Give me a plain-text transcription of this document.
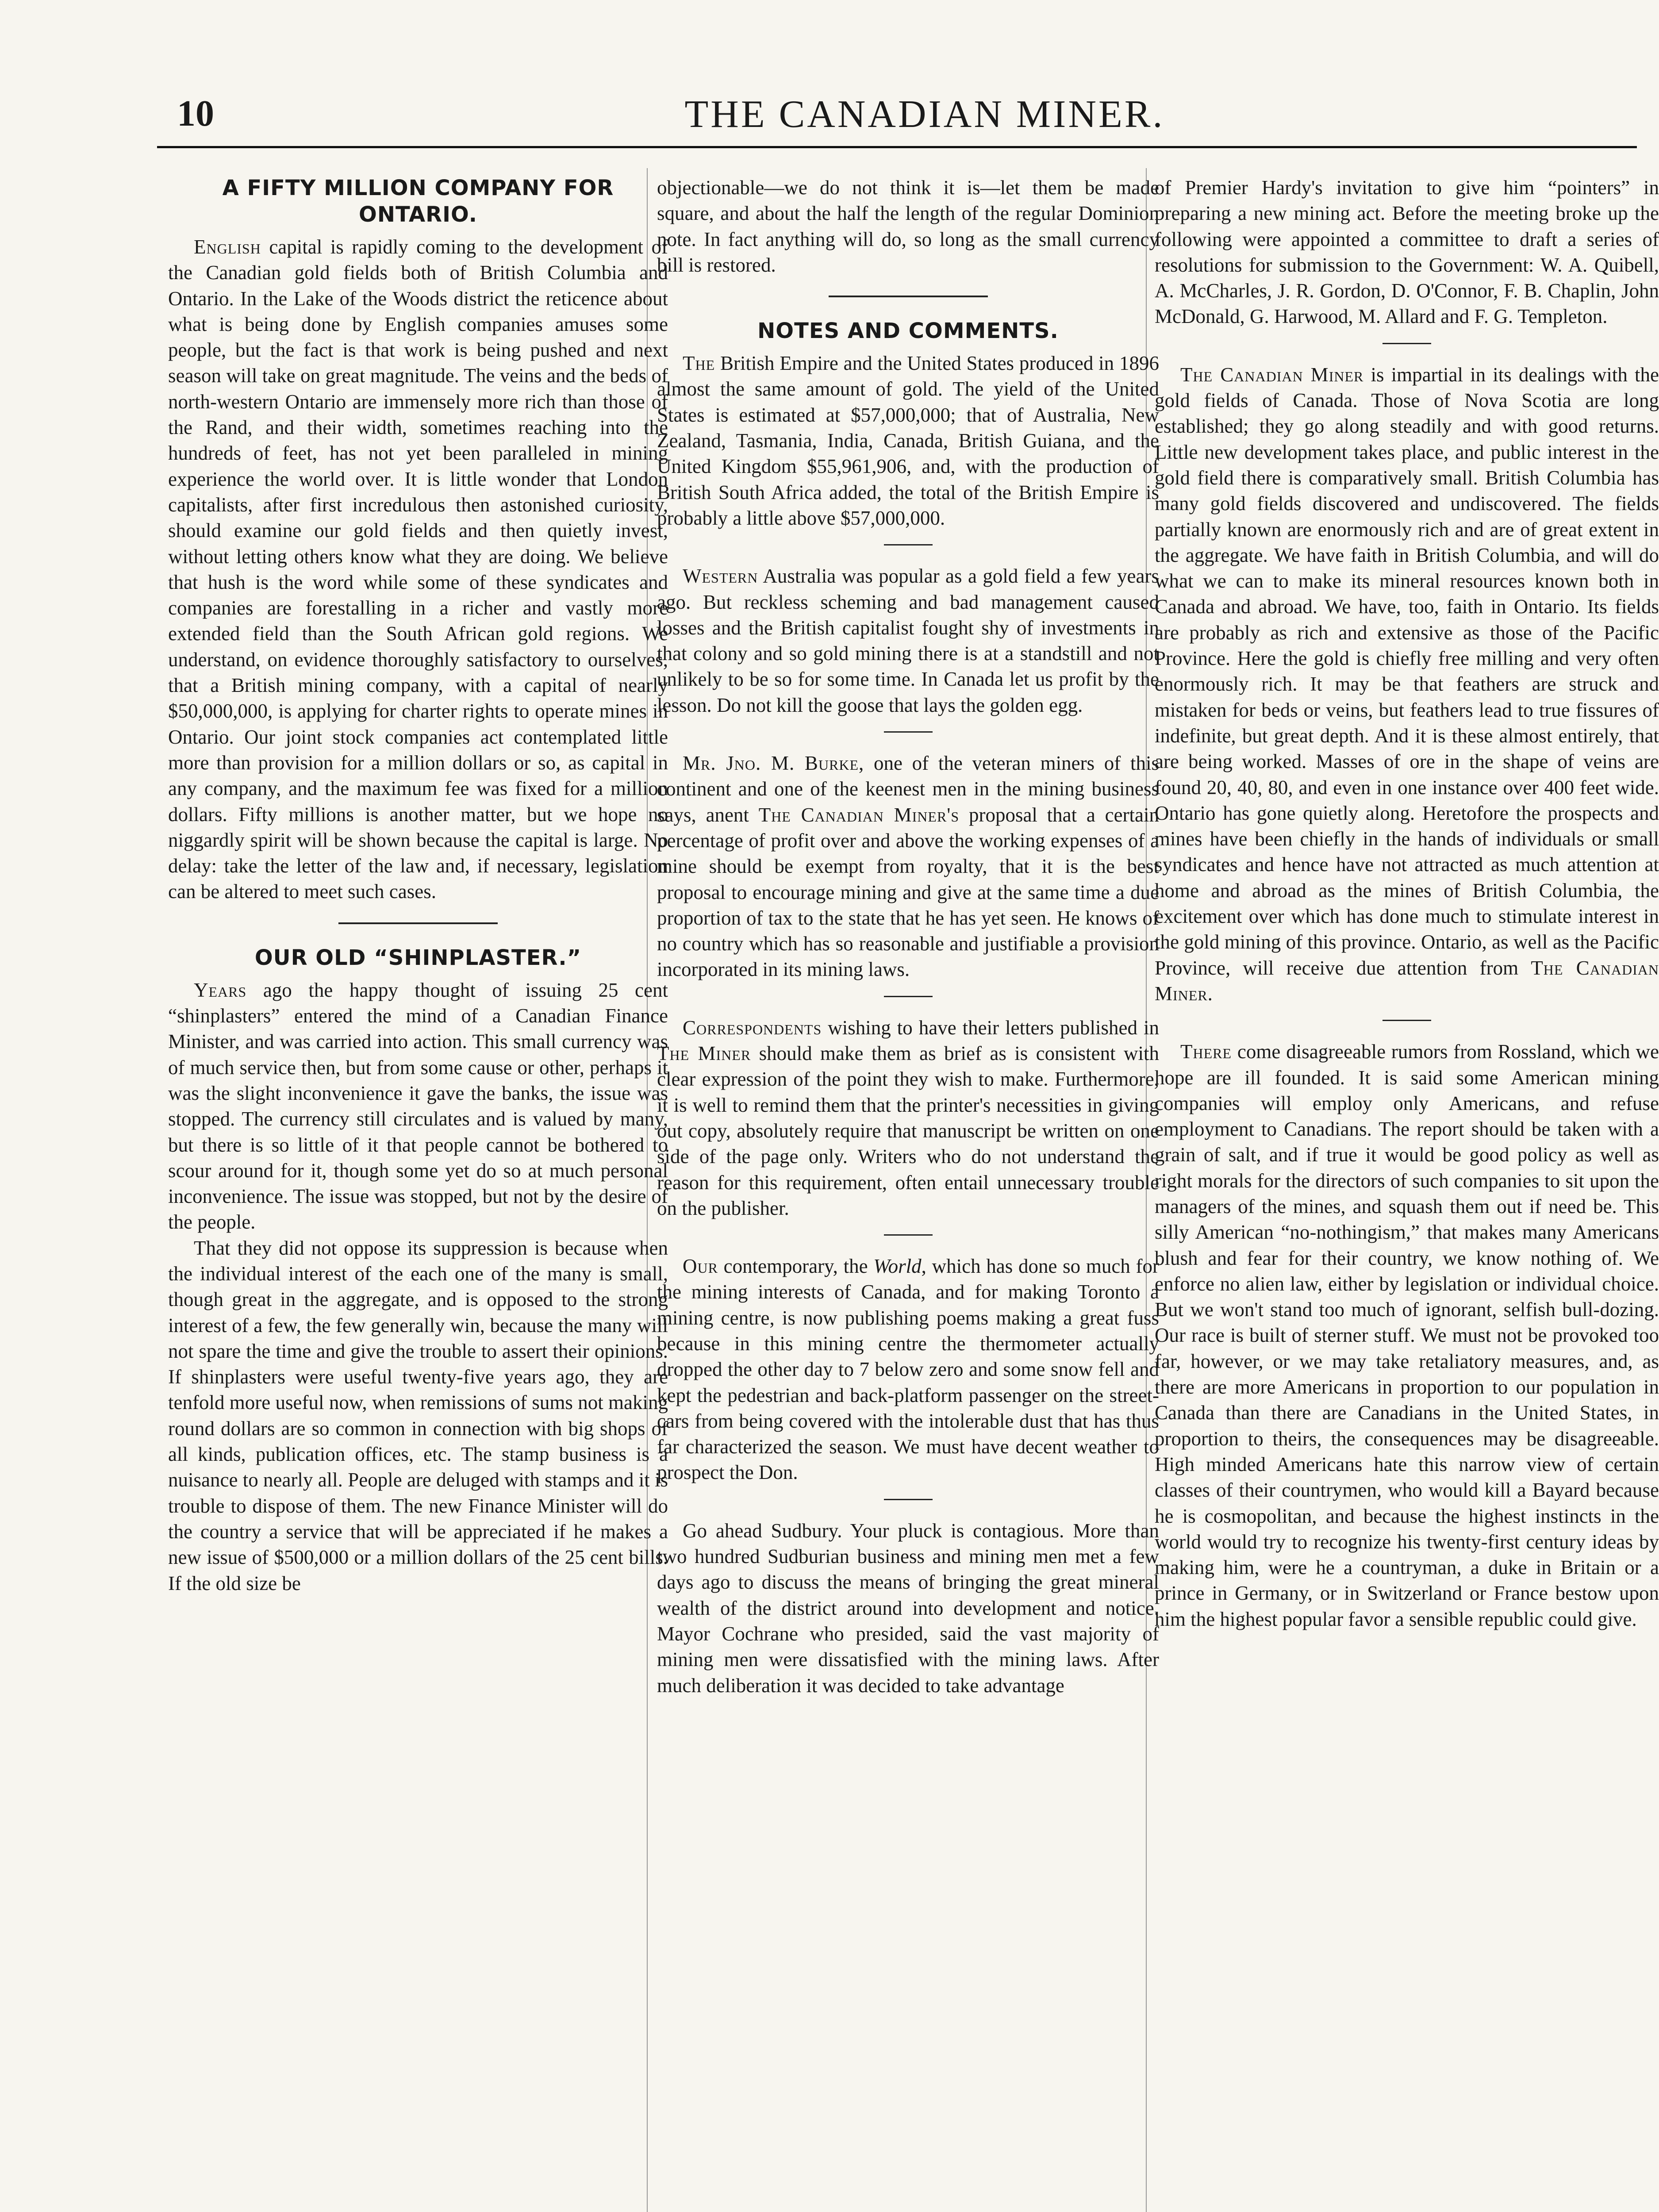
10	THE CANADIAN MINER.
A FIFTY MILLION COMPANY FOR ONTARIO.

English capital is rapidly coming to the development of the Canadian gold fields both of British Columbia and Ontario. In the Lake of the Woods district the reticence about what is being done by English companies amuses some people, but the fact is that work is being pushed and next season will take on great magnitude. The veins and the beds of north-western Ontario are immensely more rich than those of the Rand, and their width, sometimes reaching into the hundreds of feet, has not yet been paralleled in mining experience the world over. It is little wonder that London capitalists, after first incredulous then astonished curiosity, should examine our gold fields and then quietly invest, without letting others know what they are doing. We believe that hush is the word while some of these syndicates and companies are forestalling in a richer and vastly more extended field than the South African gold regions. We understand, on evidence thoroughly satisfactory to ourselves, that a British mining company, with a capital of nearly $50,000,000, is applying for charter rights to operate mines in Ontario. Our joint stock companies act contemplated little more than provision for a million dollars or so, as capital in any company, and the maximum fee was fixed for a million dollars. Fifty millions is another matter, but we hope no niggardly spirit will be shown because the capital is large. No delay: take the letter of the law and, if necessary, legislation can be altered to meet such cases.

OUR OLD “SHINPLASTER.”

Years ago the happy thought of issuing 25 cent “shinplasters” entered the mind of a Canadian Finance Minister, and was carried into action. This small currency was of much service then, but from some cause or other, perhaps it was the slight inconvenience it gave the banks, the issue was stopped. The currency still circulates and is valued by many, but there is so little of it that people cannot be bothered to scour around for it, though some yet do so at much personal inconvenience. The issue was stopped, but not by the desire of the people.

That they did not oppose its suppression is because when the individual interest of the each one of the many is small, though great in the aggregate, and is opposed to the strong interest of a few, the few generally win, because the many will not spare the time and give the trouble to assert their opinions. If shinplasters were useful twenty-five years ago, they are tenfold more useful now, when remissions of sums not making round dollars are so common in connection with big shops of all kinds, publication offices, etc. The stamp business is a nuisance to nearly all. People are deluged with stamps and it is trouble to dispose of them. The new Finance Minister will do the country a service that will be appreciated if he makes a new issue of $500,000 or a million dollars of the 25 cent bills. If the old size be

objectionable—we do not think it is—let them be made square, and about the half the length of the regular Dominion note. In fact anything will do, so long as the small currency bill is restored.

NOTES AND COMMENTS.

The British Empire and the United States produced in 1896 almost the same amount of gold. The yield of the United States is estimated at $57,000,000; that of Australia, New Zealand, Tasmania, India, Canada, British Guiana, and the United Kingdom $55,961,906, and, with the production of British South Africa added, the total of the British Empire is probably a little above $57,000,000.

Western Australia was popular as a gold field a few years ago. But reckless scheming and bad management caused losses and the British capitalist fought shy of investments in that colony and so gold mining there is at a standstill and not unlikely to be so for some time. In Canada let us profit by the lesson. Do not kill the goose that lays the golden egg.

Mr. Jno. M. Burke, one of the veteran miners of this continent and one of the keenest men in the mining business says, anent The Canadian Miner's proposal that a certain percentage of profit over and above the working expenses of a mine should be exempt from royalty, that it is the best proposal to encourage mining and give at the same time a due proportion of tax to the state that he has yet seen. He knows of no country which has so reasonable and justifiable a provision incorporated in its mining laws.

Correspondents wishing to have their letters published in The Miner should make them as brief as is consistent with clear expression of the point they wish to make. Furthermore, it is well to remind them that the printer's necessities in giving out copy, absolutely require that manuscript be written on one side of the page only. Writers who do not understand the reason for this requirement, often entail unnecessary trouble on the publisher.

Our contemporary, the World, which has done so much for the mining interests of Canada, and for making Toronto a mining centre, is now publishing poems making a great fuss because in this mining centre the thermometer actually dropped the other day to 7 below zero and some snow fell and kept the pedestrian and back-platform passenger on the street-cars from being covered with the intolerable dust that has thus far characterized the season. We must have decent weather to prospect the Don.

Go ahead Sudbury. Your pluck is contagious. More than two hundred Sudburian business and mining men met a few days ago to discuss the means of bringing the great mineral wealth of the district around into development and notice. Mayor Cochrane who presided, said the vast majority of mining men were dissatisfied with the mining laws. After much deliberation it was decided to take advantage

of Premier Hardy's invitation to give him “pointers” in preparing a new mining act. Before the meeting broke up the following were appointed a committee to draft a series of resolutions for submission to the Government: W. A. Quibell, A. McCharles, J. R. Gordon, D. O'Connor, F. B. Chaplin, John McDonald, G. Harwood, M. Allard and F. G. Templeton.

The Canadian Miner is impartial in its dealings with the gold fields of Canada. Those of Nova Scotia are long established; they go along steadily and with good returns. Little new development takes place, and public interest in the gold field there is comparatively small. British Columbia has many gold fields discovered and undiscovered. The fields partially known are enormously rich and are of great extent in the aggregate. We have faith in British Columbia, and will do what we can to make its mineral resources known both in Canada and abroad. We have, too, faith in Ontario. Its fields are probably as rich and extensive as those of the Pacific Province. Here the gold is chiefly free milling and very often enormously rich. It may be that feathers are struck and mistaken for beds or veins, but feathers lead to true fissures of indefinite, but great depth. And it is these almost entirely, that are being worked. Masses of ore in the shape of veins are found 20, 40, 80, and even in one instance over 400 feet wide. Ontario has gone quietly along. Heretofore the prospects and mines have been chiefly in the hands of individuals or small syndicates and hence have not attracted as much attention at home and abroad as the mines of British Columbia, the excitement over which has done much to stimulate interest in the gold mining of this province. Ontario, as well as the Pacific Province, will receive due attention from The Canadian Miner.

There come disagreeable rumors from Rossland, which we hope are ill founded. It is said some American mining companies will employ only Americans, and refuse employment to Canadians. The report should be taken with a grain of salt, and if true it would be good policy as well as right morals for the directors of such companies to sit upon the managers of the mines, and squash them out if need be. This silly American “no-nothingism,” that makes many Americans blush and fear for their country, we know nothing of. We enforce no alien law, either by legislation or individual choice. But we won't stand too much of ignorant, selfish bull-dozing. Our race is built of sterner stuff. We must not be provoked too far, however, or we may take retaliatory measures, and, as there are more Americans in proportion to our population in Canada than there are Canadians in the United States, in proportion to theirs, the consequences may be disagreeable. High minded Americans hate this narrow view of certain classes of their countrymen, who would kill a Bayard because he is cosmopolitan, and because the highest instincts in the world would try to recognize his twenty-first century ideas by making him, were he a countryman, a duke in Britain or a prince in Germany, or in Switzerland or France bestow upon him the highest popular favor a sensible republic could give.
